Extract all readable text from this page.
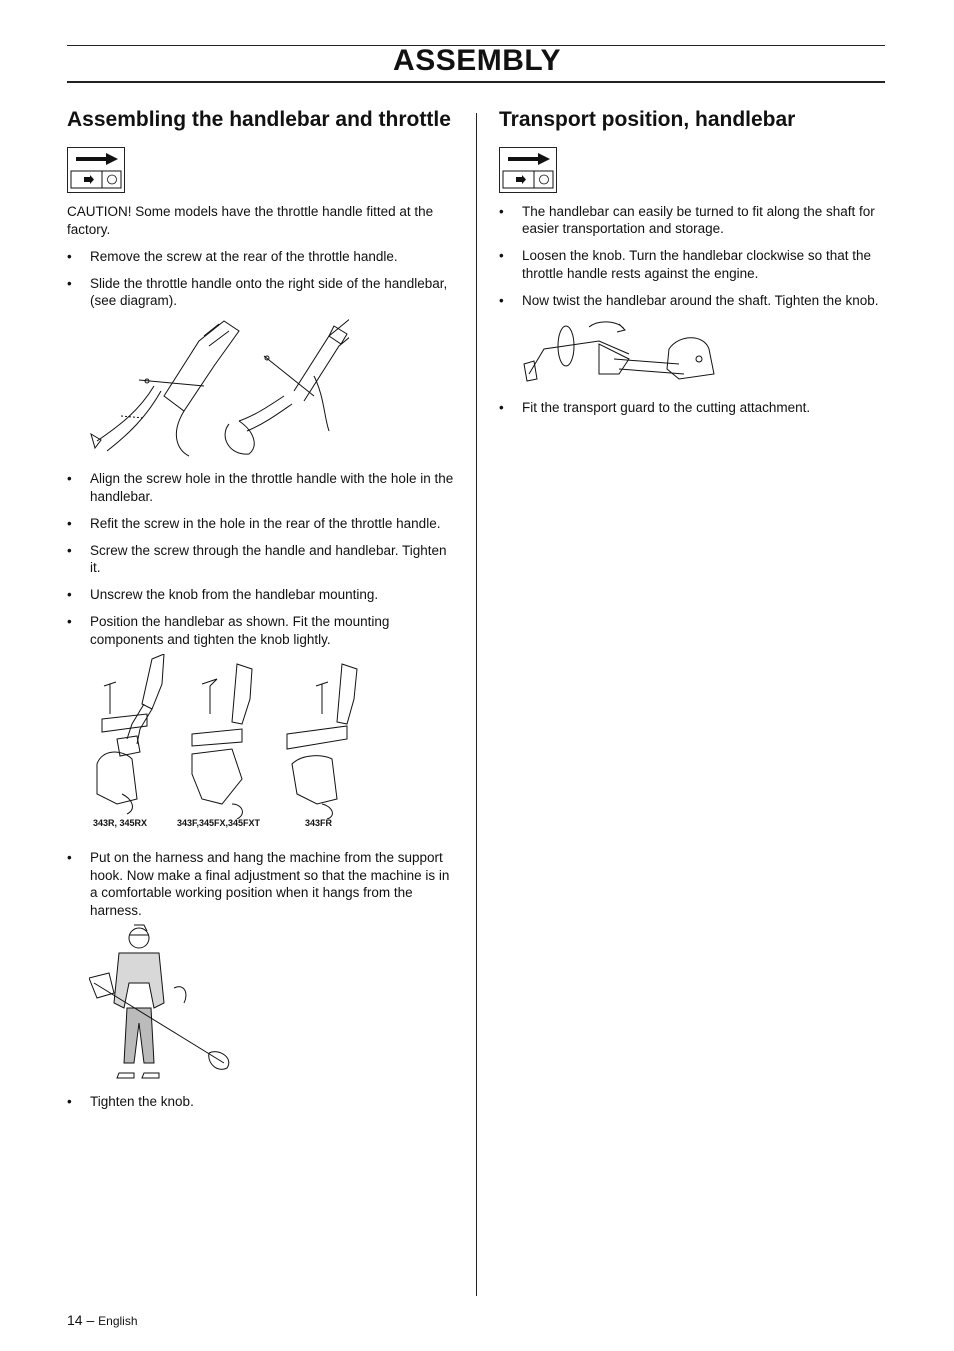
ASSEMBLY
Assembling the handlebar and throttle

CAUTION! Some models have the throttle handle fitted at the factory.

• Remove the screw at the rear of the throttle handle.
• Slide the throttle handle onto the right side of the handlebar, (see diagram).
• Align the screw hole in the throttle handle with the hole in the handlebar.
• Refit the screw in the hole in the rear of the throttle handle.
• Screw the screw through the handle and handlebar. Tighten it.
• Unscrew the knob from the handlebar mounting.
• Position the handlebar as shown. Fit the mounting components and tighten the knob lightly.
343R, 345RX	343F,345FX,345FXT	343FR
• Put on the harness and hang the machine from the support hook. Now make a final adjustment so that the machine is in a comfortable working position when it hangs from the harness.
• Tighten the knob.
Transport position, handlebar
• The handlebar can easily be turned to fit along the shaft for easier transportation and storage.
• Loosen the knob. Turn the handlebar clockwise so that the throttle handle rests against the engine.
• Now twist the handlebar around the shaft. Tighten the knob.
• Fit the transport guard to the cutting attachment.
14 – English
